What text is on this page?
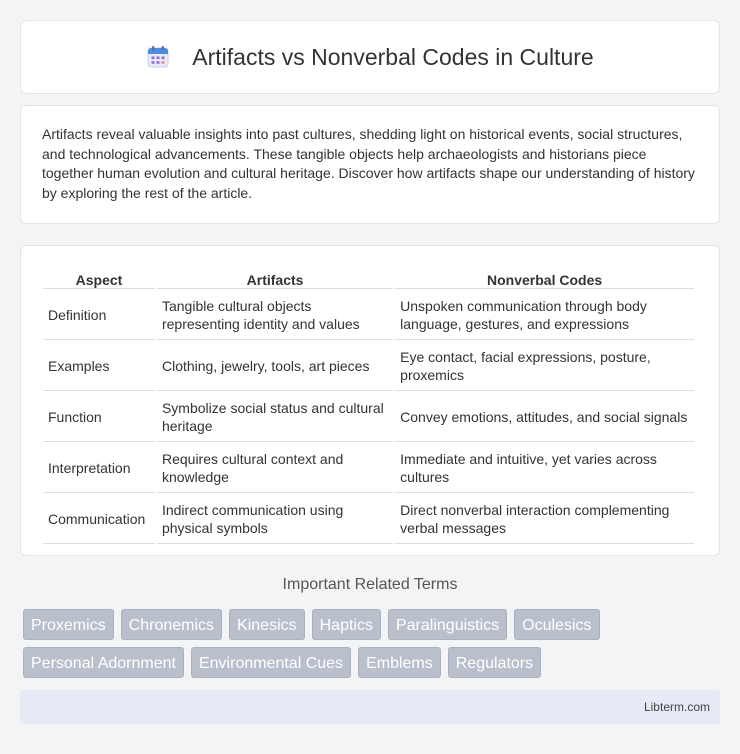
Artifacts vs Nonverbal Codes in Culture

Artifacts reveal valuable insights into past cultures, shedding light on historical events, social structures, and technological advancements. These tangible objects help archaeologists and historians piece together human evolution and cultural heritage. Discover how artifacts shape our understanding of history by exploring the rest of the article.

Aspect	Artifacts	Nonverbal Codes
Definition	Tangible cultural objects representing identity and values	Unspoken communication through body language, gestures, and expressions
Examples	Clothing, jewelry, tools, art pieces	Eye contact, facial expressions, posture, proxemics
Function	Symbolize social status and cultural heritage	Convey emotions, attitudes, and social signals
Interpretation	Requires cultural context and knowledge	Immediate and intuitive, yet varies across cultures
Communication	Indirect communication using physical symbols	Direct nonverbal interaction complementing verbal messages
Important Related Terms
Proxemics	Chronemics	Kinesics	Haptics	Paralinguistics	Oculesics
Personal Adornment	Environmental Cues	Emblems	Regulators
Libterm.com
